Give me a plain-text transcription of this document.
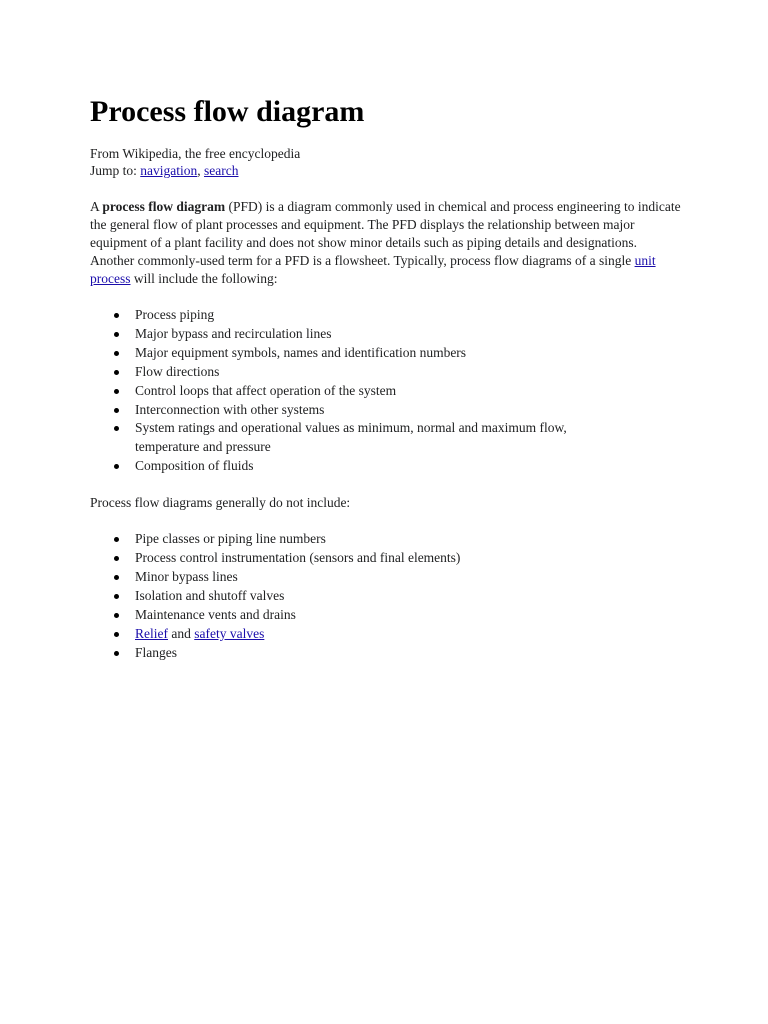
Process flow diagram
From Wikipedia, the free encyclopedia
Jump to: navigation, search

A process flow diagram (PFD) is a diagram commonly used in chemical and process engineering to indicate the general flow of plant processes and equipment. The PFD displays the relationship between major equipment of a plant facility and does not show minor details such as piping details and designations. Another commonly-used term for a PFD is a flowsheet. Typically, process flow diagrams of a single unit process will include the following:

Process piping
Major bypass and recirculation lines
Major equipment symbols, names and identification numbers
Flow directions
Control loops that affect operation of the system
Interconnection with other systems
System ratings and operational values as minimum, normal and maximum flow, temperature and pressure
Composition of fluids

Process flow diagrams generally do not include:

Pipe classes or piping line numbers
Process control instrumentation (sensors and final elements)
Minor bypass lines
Isolation and shutoff valves
Maintenance vents and drains
Relief and safety valves
Flanges
